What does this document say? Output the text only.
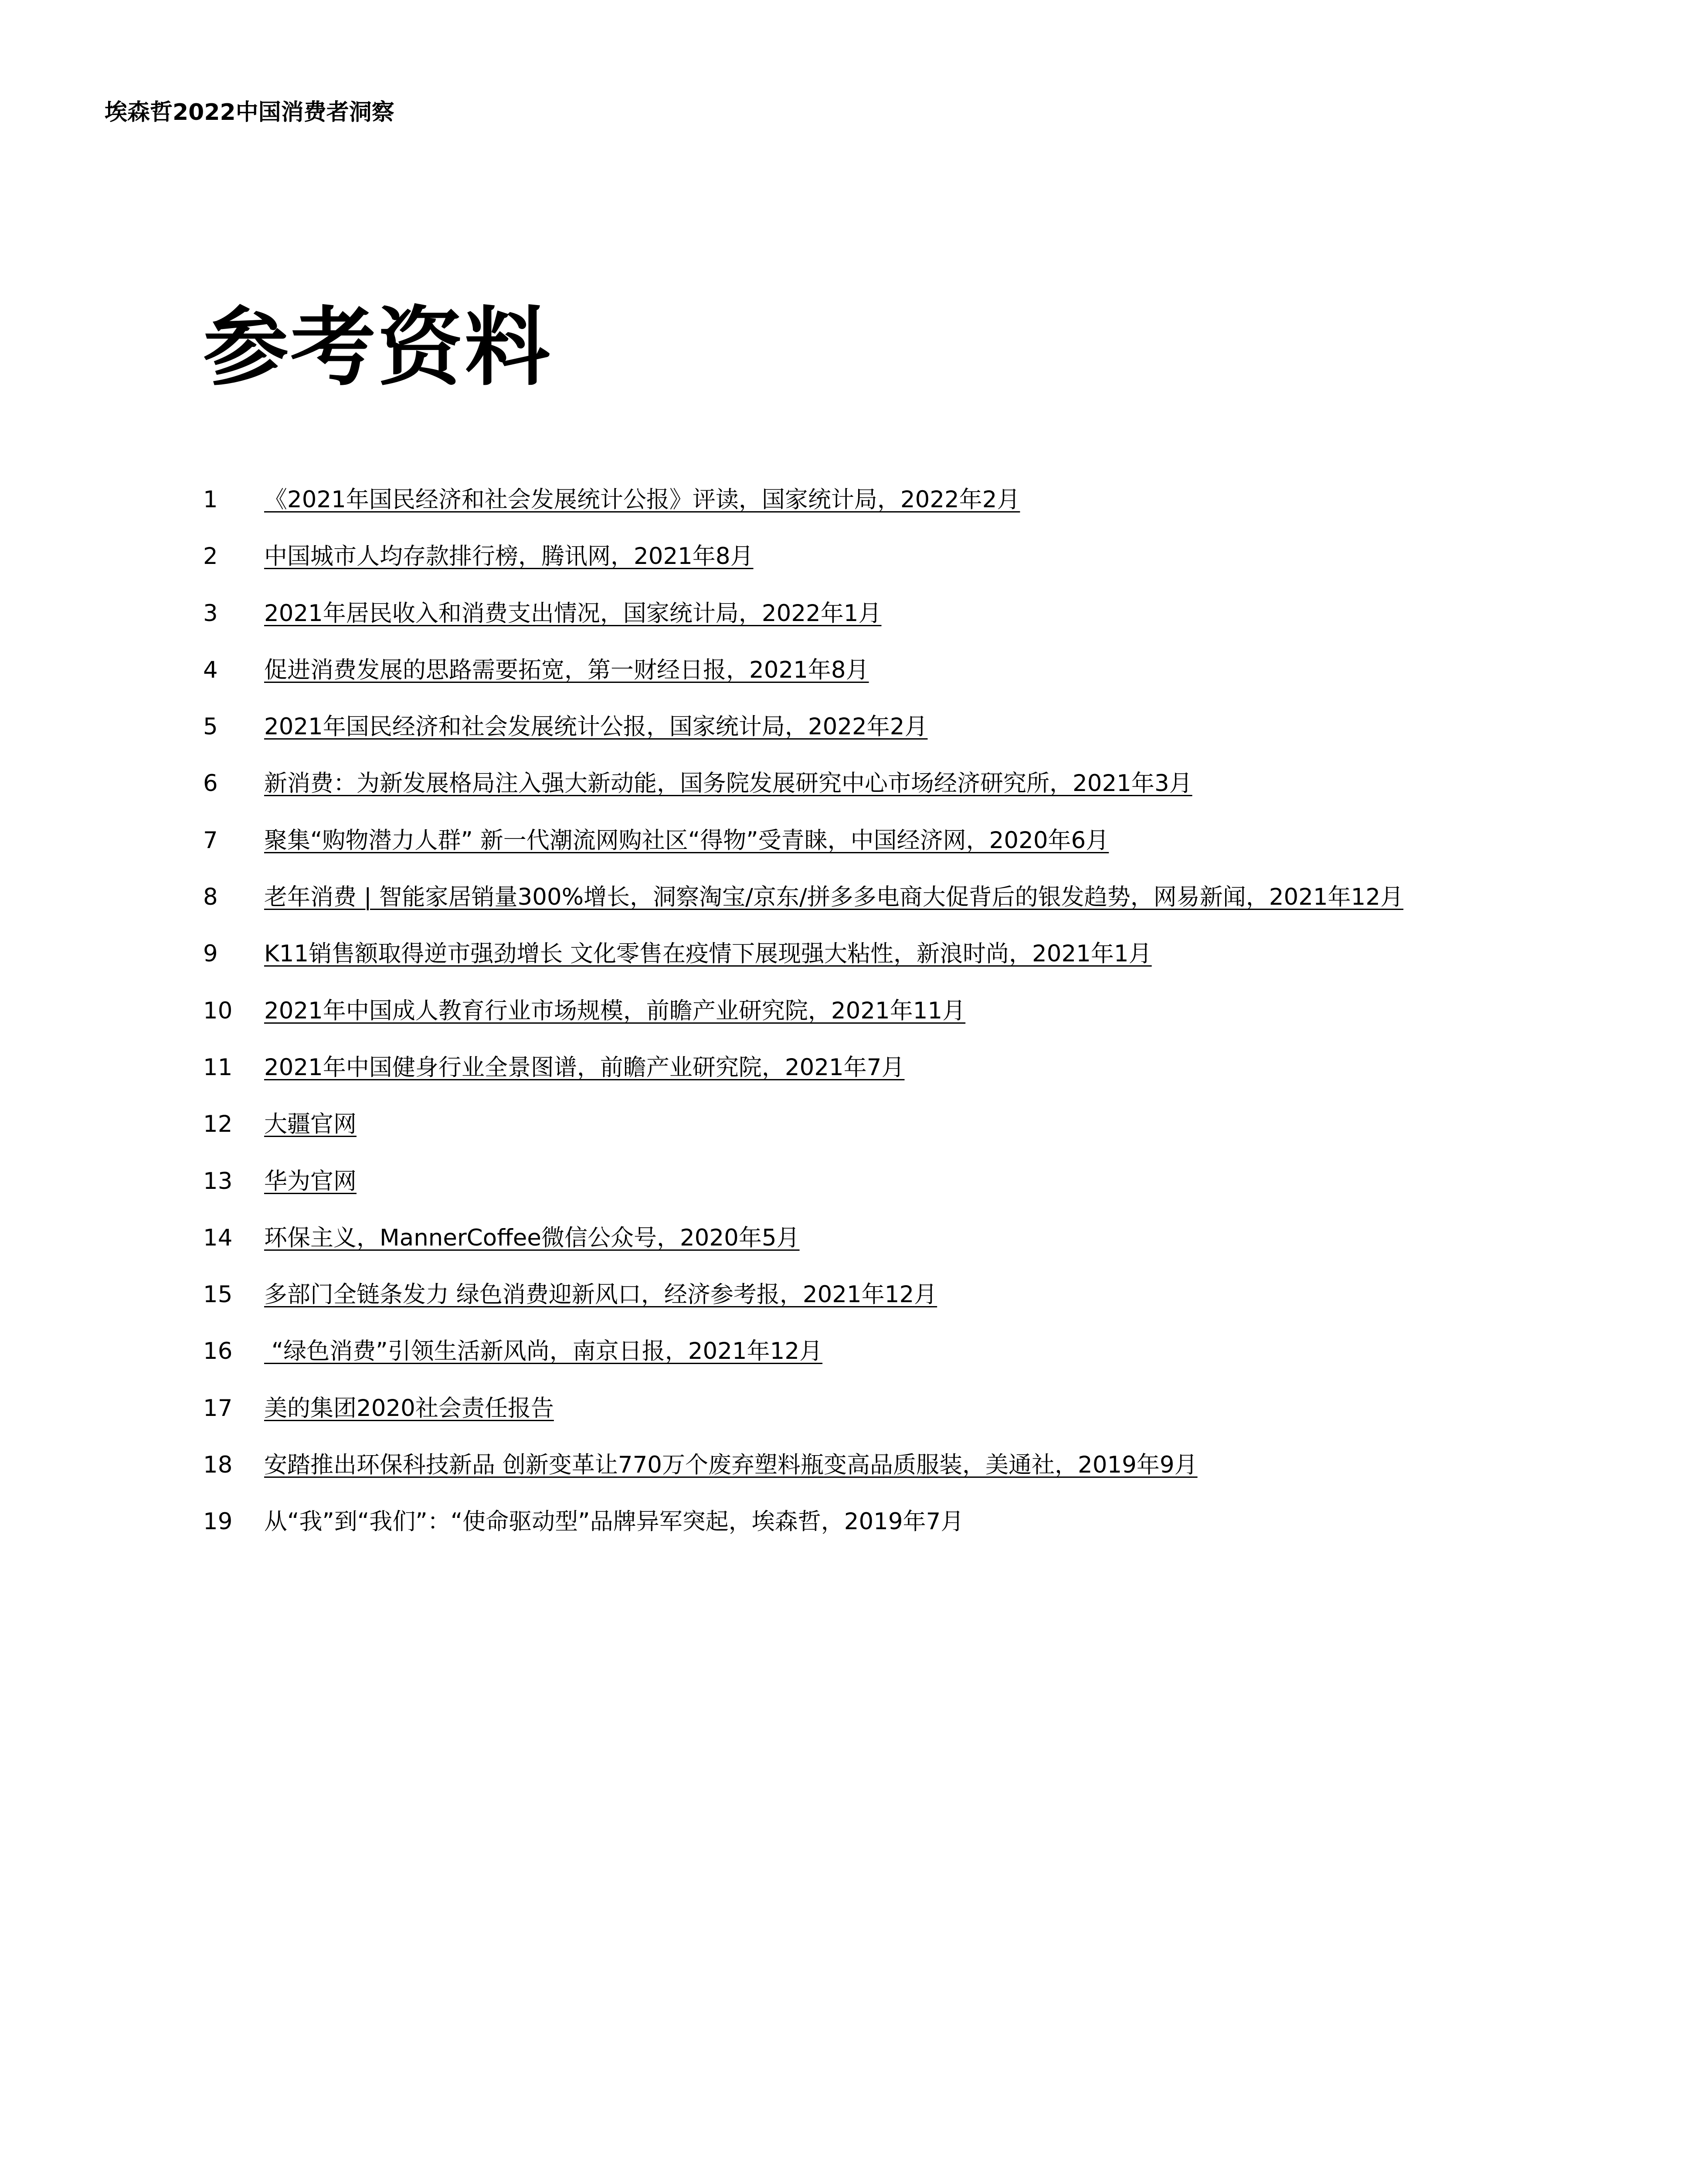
埃森哲2022中国消费者洞察
参考资料
1	《2021年国民经济和社会发展统计公报》评读，国家统计局，2022年2月
2	中国城市人均存款排行榜，腾讯网，2021年8月
3	2021年居民收入和消费支出情况，国家统计局，2022年1月
4	促进消费发展的思路需要拓宽，第一财经日报，2021年8月
5	2021年国民经济和社会发展统计公报，国家统计局，2022年2月
6	新消费：为新发展格局注入强大新动能，国务院发展研究中心市场经济研究所，2021年3月
7	聚集“购物潜力人群” 新一代潮流网购社区“得物”受青睐，中国经济网，2020年6月
8	老年消费 | 智能家居销量300%增长，洞察淘宝/京东/拼多多电商大促背后的银发趋势，网易新闻，2021年12月
9	K11销售额取得逆市强劲增长 文化零售在疫情下展现强大粘性，新浪时尚，2021年1月
10	2021年中国成人教育行业市场规模，前瞻产业研究院，2021年11月
11	2021年中国健身行业全景图谱，前瞻产业研究院，2021年7月
12	大疆官网
13	华为官网
14	环保主义，MannerCoffee微信公众号，2020年5月
15	多部门全链条发力 绿色消费迎新风口，经济参考报，2021年12月
16	“绿色消费”引领生活新风尚，南京日报，2021年12月
17	美的集团2020社会责任报告
18	安踏推出环保科技新品 创新变革让770万个废弃塑料瓶变高品质服装，美通社，2019年9月
19	从“我”到“我们”：“使命驱动型”品牌异军突起，埃森哲，2019年7月
